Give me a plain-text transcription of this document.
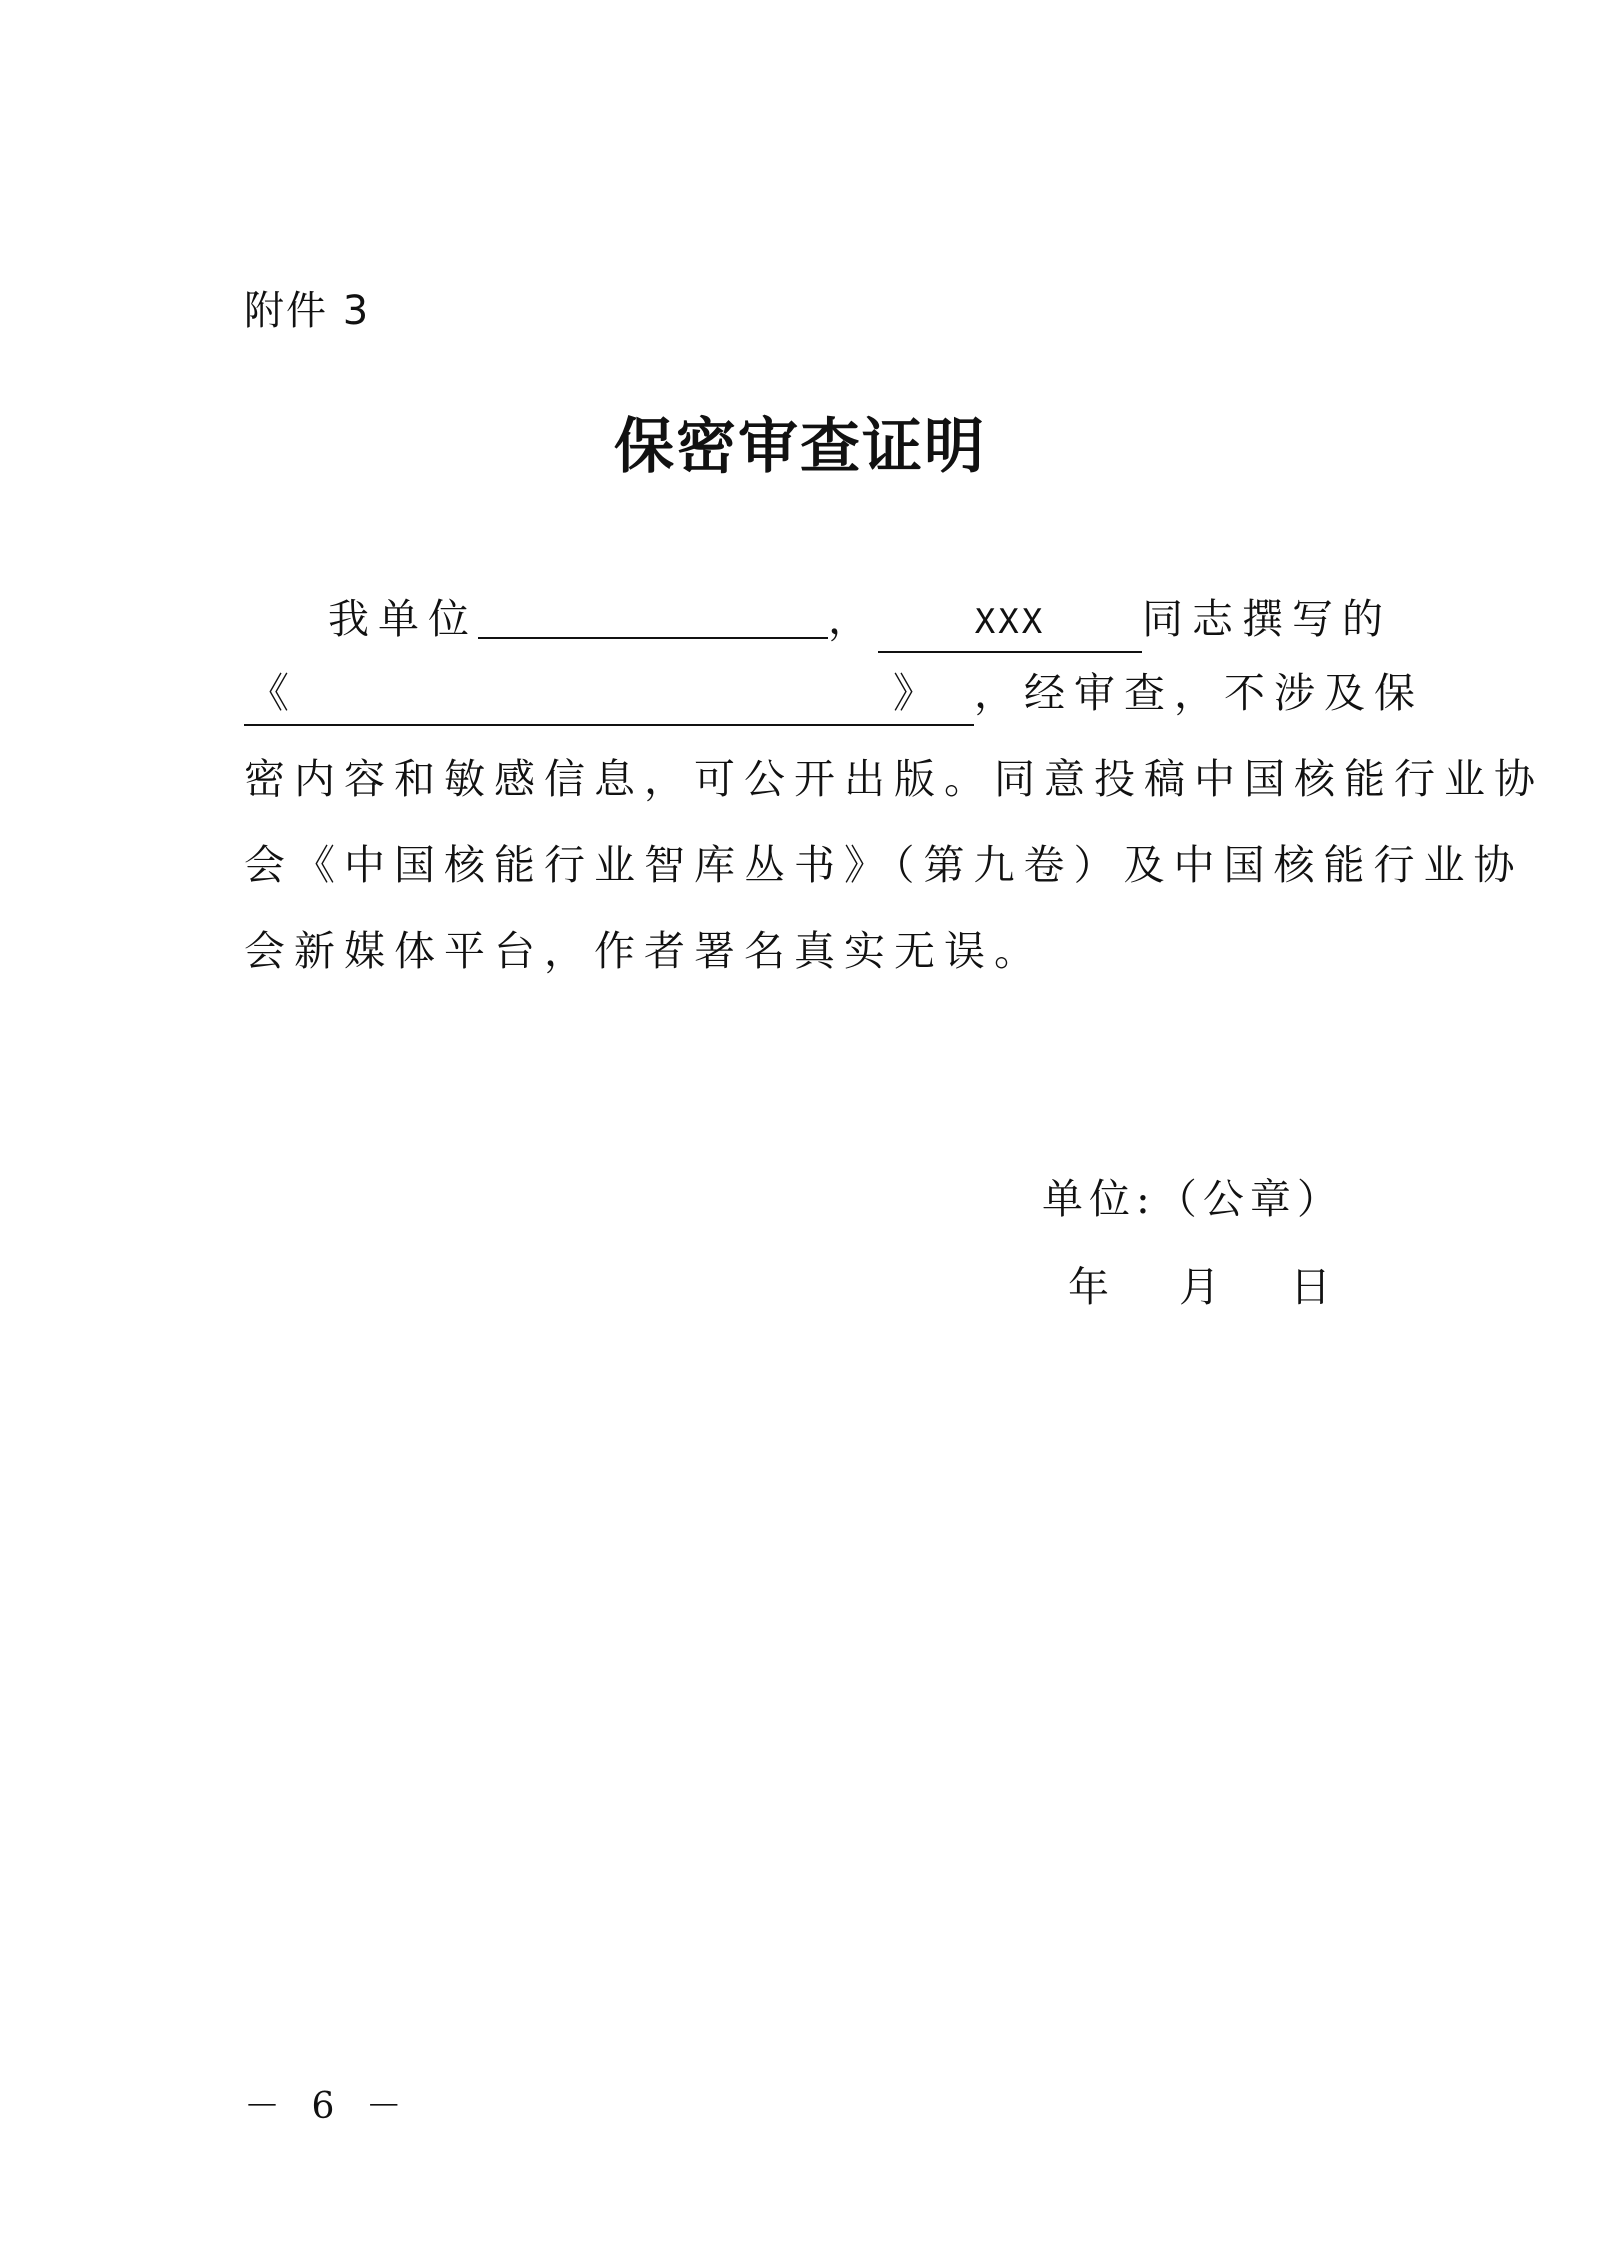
附件 3
保密审查证明
我单位	，	XXX 同志撰写的
《	》 ，经审查，不涉及保
密内容和敏感信息，可公开出版。同意投稿中国核能行业协
会《中国核能行业智库丛书》（第九卷）及中国核能行业协
会新媒体平台，作者署名真实无误。
单位:（公章）
年 月 日
－ 6 －
